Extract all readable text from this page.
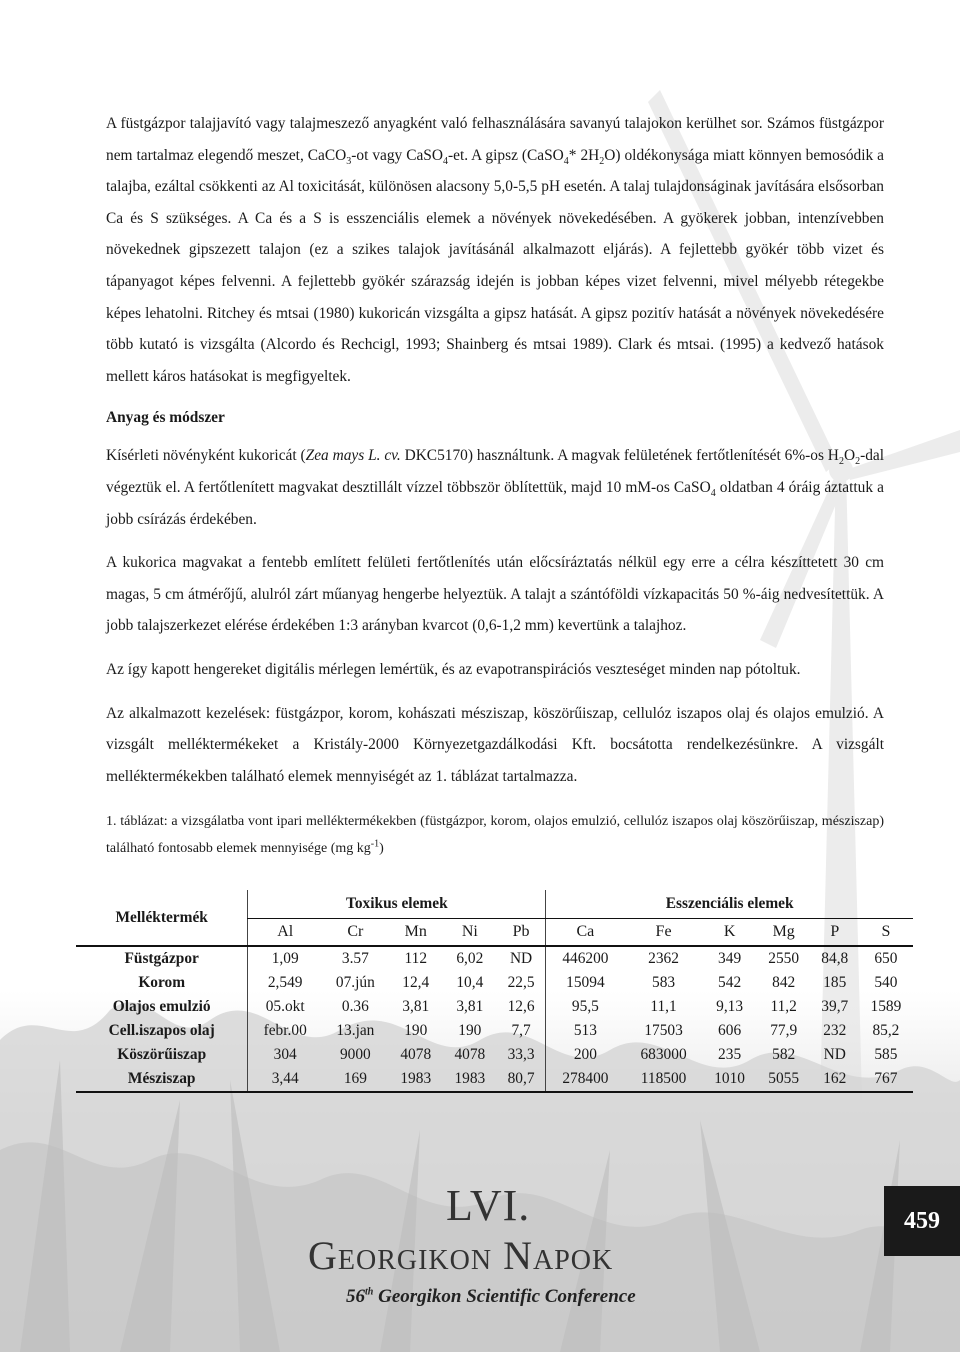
A füstgázpor talajjavító vagy talajmeszező anyagként való felhasználására savanyú talajokon kerülhet sor. Számos füstgázpor nem tartalmaz elegendő meszet, CaCO$_3$-ot vagy CaSO$_4$-et. A gipsz (CaSO$_4$* $2H_2O$) oldékonysága miatt könnyen bemosódik a talajba, ezáltal csökkenti az Al toxicitását, különösen alacsony 5,0-5,5 pH esetén. A talaj tulajdonságinak javítására elsősorban Ca és S szükséges. A Ca és a S is esszenciális elemek a növények növekedésében. A gyökerek jobban, intenzívebben növekednek gipszezett talajon (ez a szikes talajok javításánál alkalmazott eljárás). A fejlettebb gyökér több vizet és tápanyagot képes felvenni. A fejlettebb gyökér szárazság idején is jobban képes vizet felvenni, mivel mélyebb rétegekbe képes lehatolni. Ritchey és mtsai (1980) kukoricán vizsgálta a gipsz hatását. A gipsz pozitív hatását a növények növekedésére több kutató is vizsgálta (Alcordo és Rechcigl, 1993; Shainberg és mtsai 1989). Clark és mtsai. (1995) a kedvező hatások mellett káros hatásokat is megfigyeltek.

Anyag és módszer

Kísérleti növényként kukoricát (Zea mays L. cv. DKC5170) használtunk. A magvak felületének fertőtlenítését 6%-os $H_2O_2$-dal végeztük el. A fertőtlenített magvakat desztillált vízzel többször öblítettük, majd 10 mM-os CaSO$_4$ oldatban 4 óráig áztattuk a jobb csírázás érdekében.

A kukorica magvakat a fentebb említett felületi fertőtlenítés után előcsíráztatás nélkül egy erre a célra készíttetett 30 cm magas, 5 cm átmérőjű, alulról zárt műanyag hengerbe helyeztük. A talajt a szántóföldi vízkapacitás 50 %-áig nedvesítettük. A jobb talajszerkezet elérése érdekében 1:3 arányban kvarcot (0,6-1,2 mm) kevertünk a talajhoz.

Az így kapott hengereket digitális mérlegen lemértük, és az evapotranspirációs veszteséget minden nap pótoltuk.

Az alkalmazott kezelések: füstgázpor, korom, kohászati mésziszap, köszörűiszap, cellulóz iszapos olaj és olajos emulzió. A vizsgált melléktermékeket a Kristály-2000 Környezetgazdálkodási Kft. bocsátotta rendelkezésünkre. A vizsgált melléktermékekben található elemek mennyiségét az 1. táblázat tartalmazza.

1. táblázat: a vizsgálatba vont ipari melléktermékekben (füstgázpor, korom, olajos emulzió, cellulóz iszapos olaj köszörűiszap, mésziszap) található fontosabb elemek mennyisége (mg $kg^{-1}$)

Melléktermék	Toxikus elemek					Esszenciális elemek					
	Al	Cr	Mn	Ni	Pb	Ca	Fe	K	Mg	P	S
Füstgázpor	1,09	3.57	112	6,02	ND	446200	2362	349	2550	84,8	650
Korom	2,549	07.jún	12,4	10,4	22,5	15094	583	542	842	185	540
Olajos emulzió	05.okt	0.36	3,81	3,81	12,6	95,5	11,1	9,13	11,2	39,7	1589
Cell.iszapos olaj	febr.00	13.jan	190	190	7,7	513	17503	606	77,9	232	85,2
Köszörűiszap	304	9000	4078	4078	33,3	200	683000	235	582	ND	585
Mésziszap	3,44	169	1983	1983	80,7	278400	118500	1010	5055	162	767
LVI.
Georgikon Napok
56th Georgikon Scientific Conference
459
